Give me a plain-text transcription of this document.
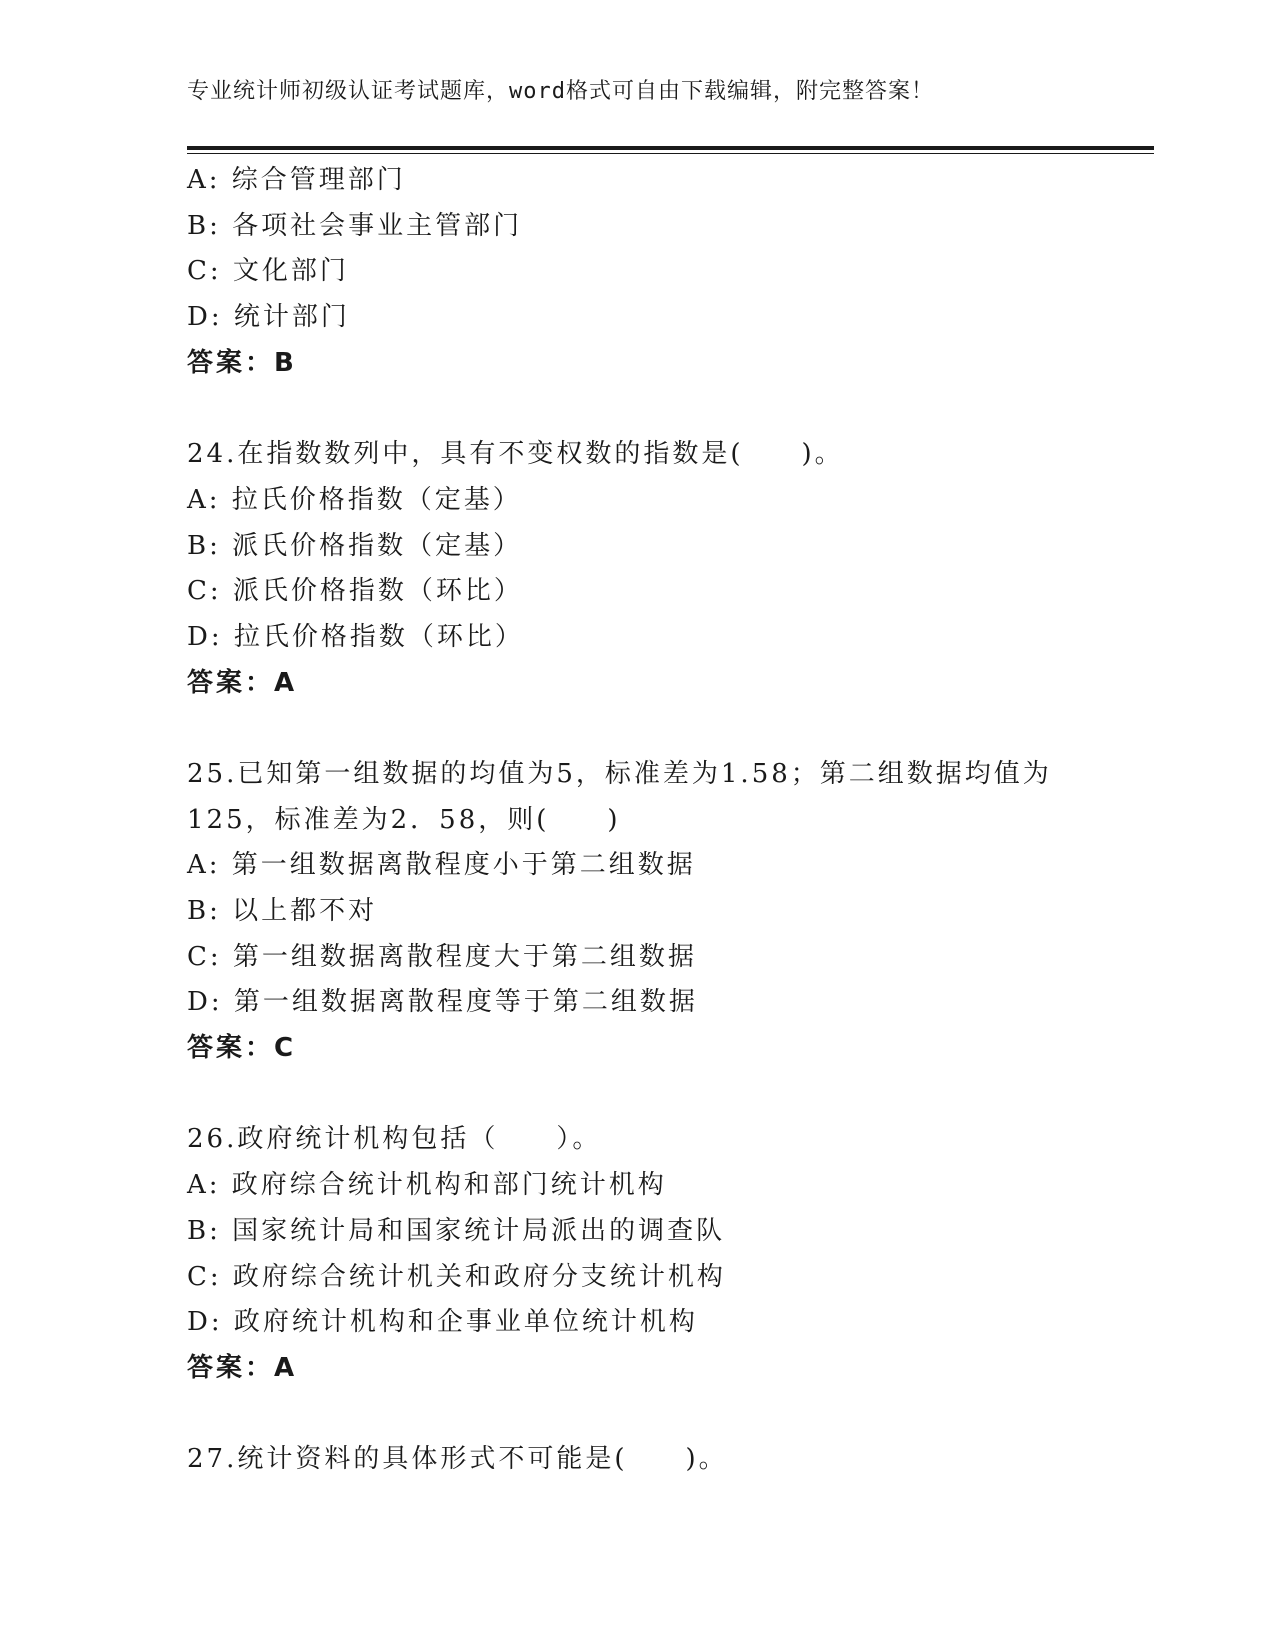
专业统计师初级认证考试题库，word格式可自由下载编辑，附完整答案！
A: 综合管理部门
B: 各项社会事业主管部门
C: 文化部门
D: 统计部门
答案：B
24.在指数数列中，具有不变权数的指数是(　　)。
A: 拉氏价格指数（定基）
B: 派氏价格指数（定基）
C: 派氏价格指数（环比）
D: 拉氏价格指数（环比）
答案：A
25.已知第一组数据的均值为5，标准差为1.58；第二组数据均值为
125，标准差为2．58，则(　　)
A: 第一组数据离散程度小于第二组数据
B: 以上都不对
C: 第一组数据离散程度大于第二组数据
D: 第一组数据离散程度等于第二组数据
答案：C
26.政府统计机构包括（　　）。
A: 政府综合统计机构和部门统计机构
B: 国家统计局和国家统计局派出的调查队
C: 政府综合统计机关和政府分支统计机构
D: 政府统计机构和企事业单位统计机构
答案：A
27.统计资料的具体形式不可能是(　　)。
